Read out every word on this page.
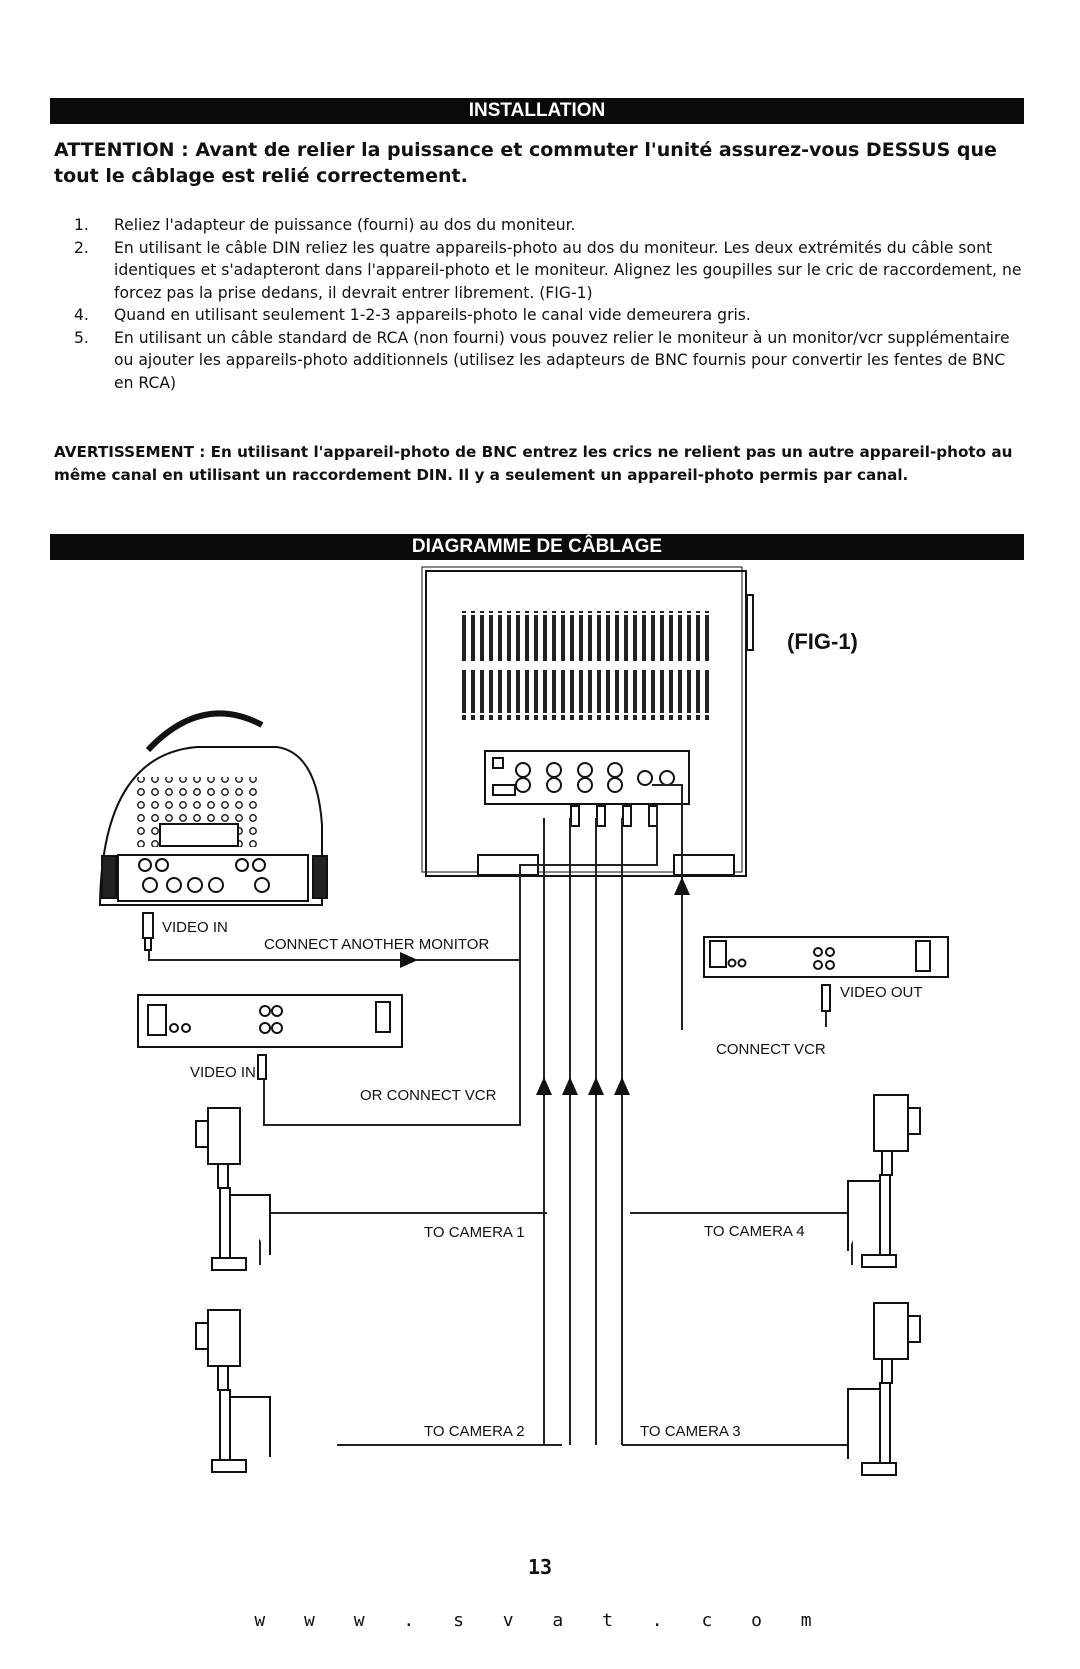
INSTALLATION
ATTENTION : Avant de relier la puissance et commuter l'unité assurez-vous DESSUS que tout le câblage est relié correctement.
1. Reliez l'adapteur de puissance (fourni) au dos du moniteur.
2. En utilisant le câble DIN reliez les quatre appareils-photo au dos du moniteur. Les deux extrémités du câble sont identiques et s'adapteront dans l'appareil-photo et le moniteur. Alignez les goupilles sur le cric de raccordement, ne forcez pas la prise dedans, il devrait entrer librement. (FIG-1)
4. Quand en utilisant seulement 1-2-3 appareils-photo le canal vide demeurera gris.
5. En utilisant un câble standard de RCA (non fourni) vous pouvez relier le moniteur à un monitor/vcr supplémentaire ou ajouter les appareils-photo additionnels (utilisez les adapteurs de BNC fournis pour convertir les fentes de BNC en RCA)
AVERTISSEMENT : En utilisant l'appareil-photo de BNC entrez les crics ne relient pas un autre appareil-photo au même canal en utilisant un raccordement DIN. Il y a seulement un appareil-photo permis par canal.
DIAGRAMME DE CÂBLAGE
(FIG-1)
VIDEO IN
VIDEO IN
VIDEO OUT
CONNECT ANOTHER MONITOR
OR CONNECT VCR
CONNECT VCR
TO CAMERA 1
TO CAMERA 2	TO CAMERA 3
TO CAMERA 4
13
w w w . s v a t . c o m
